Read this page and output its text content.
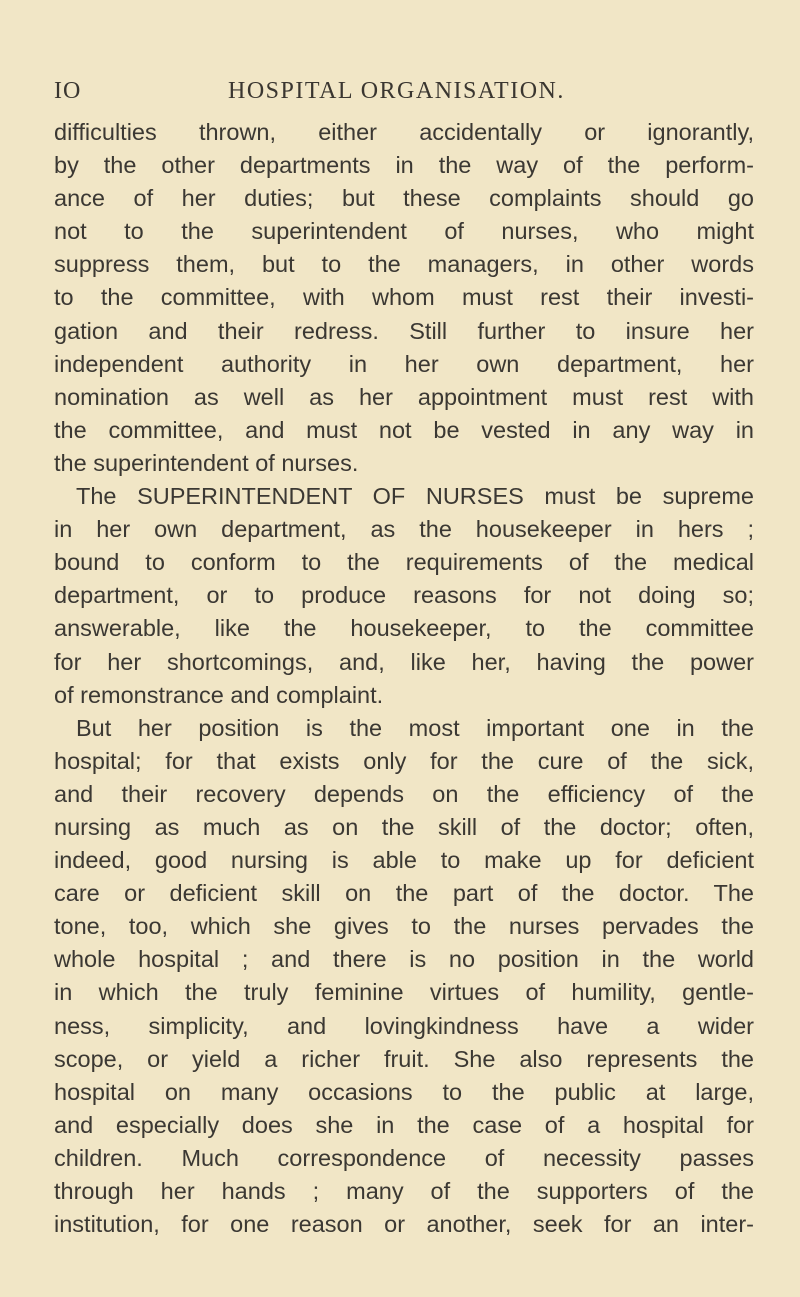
IO	HOSPITAL ORGANISATION.
difficulties thrown, either accidentally or ignorantly,
by the other departments in the way of the perform-
ance of her duties; but these complaints should go
not to the superintendent of nurses, who might
suppress them, but to the managers, in other words
to the committee, with whom must rest their investi-
gation and their redress. Still further to insure her
independent authority in her own department, her
nomination as well as her appointment must rest with
the committee, and must not be vested in any way in
the superintendent of nurses.
The SUPERINTENDENT OF NURSES must be supreme
in her own department, as the housekeeper in hers ;
bound to conform to the requirements of the medical
department, or to produce reasons for not doing so;
answerable, like the housekeeper, to the committee
for her shortcomings, and, like her, having the power
of remonstrance and complaint.
But her position is the most important one in the
hospital; for that exists only for the cure of the sick,
and their recovery depends on the efficiency of the
nursing as much as on the skill of the doctor; often,
indeed, good nursing is able to make up for deficient
care or deficient skill on the part of the doctor. The
tone, too, which she gives to the nurses pervades the
whole hospital ; and there is no position in the world
in which the truly feminine virtues of humility, gentle-
ness, simplicity, and lovingkindness have a wider
scope, or yield a richer fruit. She also represents the
hospital on many occasions to the public at large,
and especially does she in the case of a hospital for
children. Much correspondence of necessity passes
through her hands ; many of the supporters of the
institution, for one reason or another, seek for an inter-
